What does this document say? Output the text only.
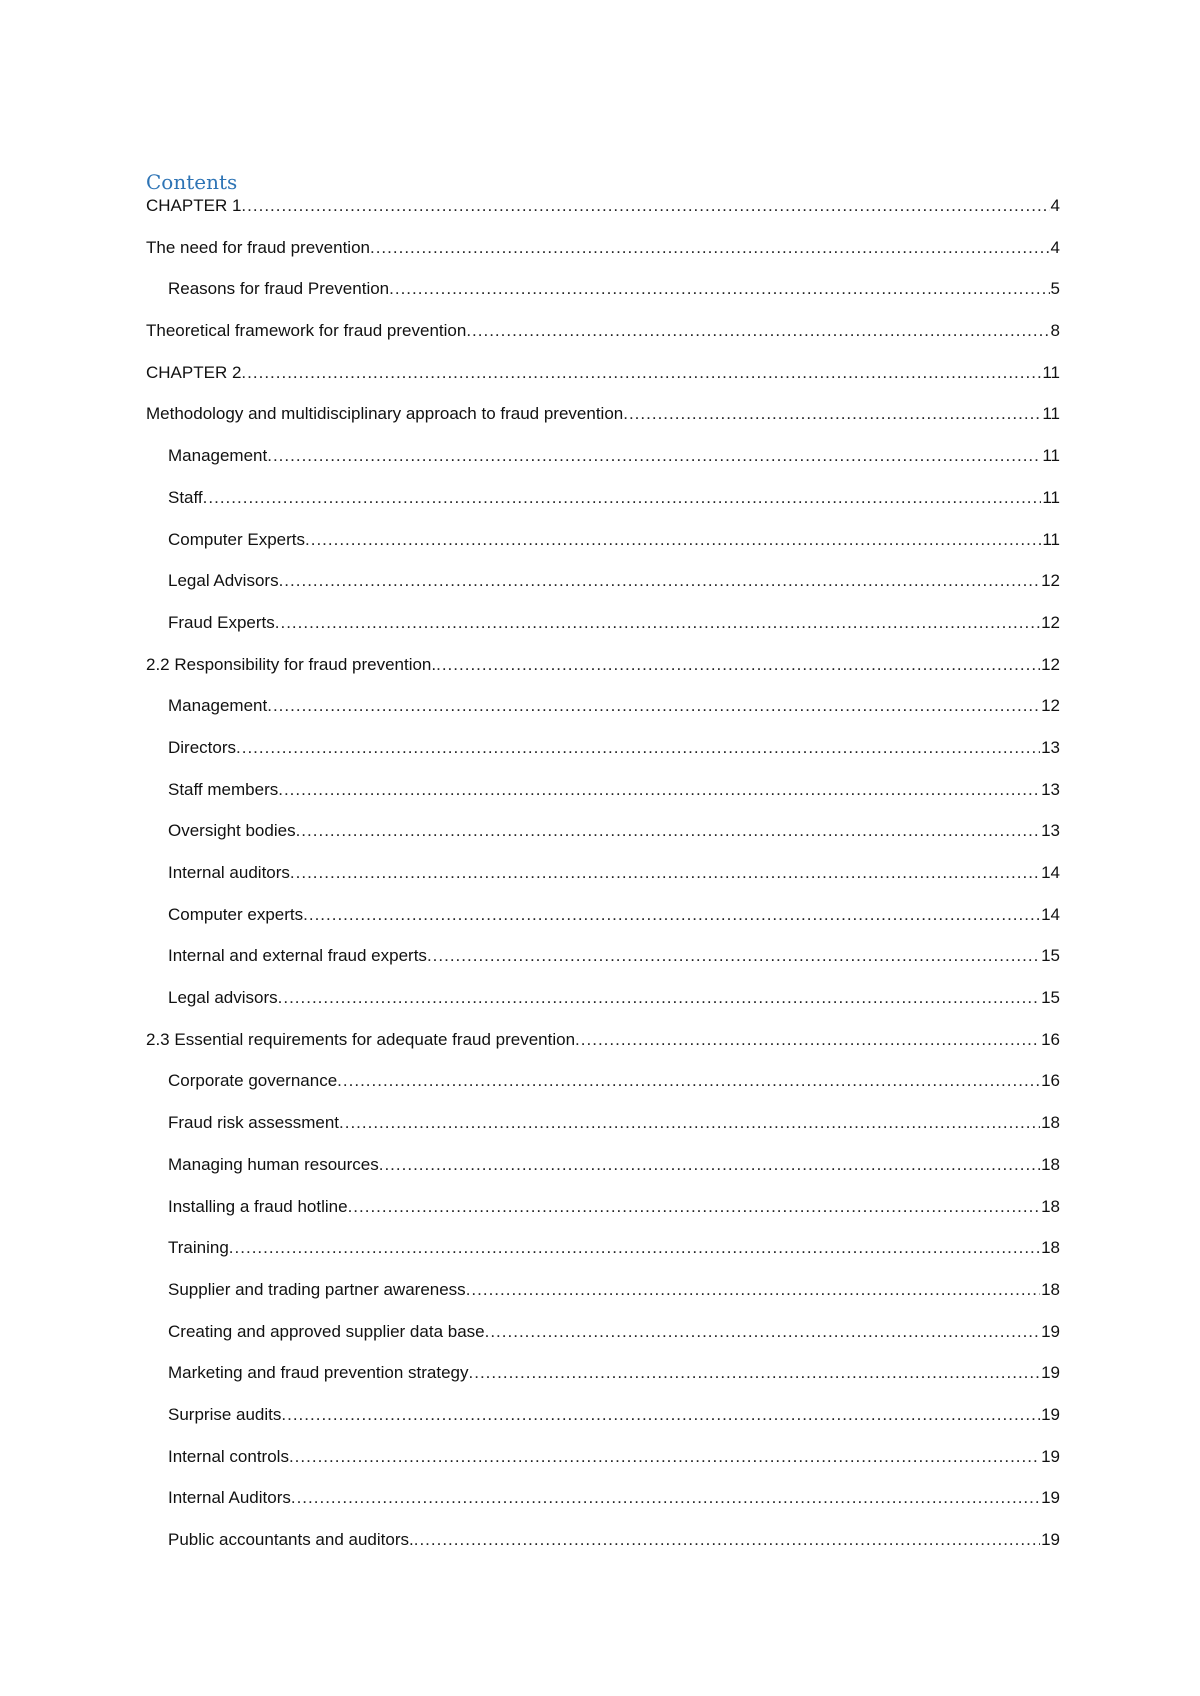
Contents
CHAPTER 1 .....	4
The need for fraud prevention .....	4
Reasons for fraud Prevention .....	5
Theoretical framework for fraud prevention .....	8
CHAPTER 2 .....	11
Methodology and multidisciplinary approach to fraud prevention .....	11
Management .....	11
Staff .....	11
Computer Experts .....	11
Legal Advisors .....	12
Fraud Experts .....	12
2.2 Responsibility for fraud prevention. .....	12
Management .....	12
Directors .....	13
Staff members .....	13
Oversight bodies .....	13
Internal auditors .....	14
Computer experts .....	14
Internal and external fraud experts .....	15
Legal advisors .....	15
2.3 Essential requirements for adequate fraud prevention .....	16
Corporate governance .....	16
Fraud risk assessment .....	18
Managing human resources .....	18
Installing a fraud hotline .....	18
Training .....	18
Supplier and trading partner awareness .....	18
Creating and approved supplier data base .....	19
Marketing and fraud prevention strategy .....	19
Surprise audits .....	19
Internal controls .....	19
Internal Auditors .....	19
Public accountants and auditors. .....	19
